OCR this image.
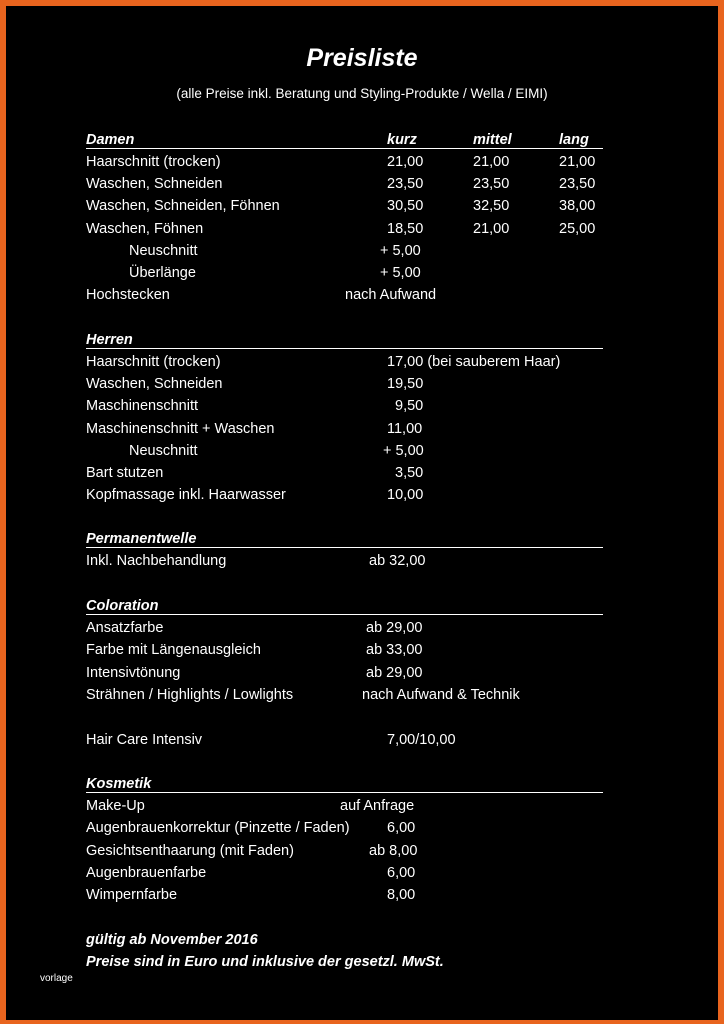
Preisliste
(alle Preise inkl. Beratung und Styling-Produkte / Wella / EIMI)
Damen	kurz	mittel	lang
Haarschnitt (trocken)	21,00	21,00	21,00
Waschen, Schneiden	23,50	23,50	23,50
Waschen, Schneiden, Föhnen	30,50	32,50	38,00
Waschen, Föhnen	18,50	21,00	25,00
Neuschnitt	+ 5,00
Überlänge	+ 5,00
Hochstecken	nach Aufwand
Herren
Haarschnitt (trocken)	17,00 (bei sauberem Haar)
Waschen, Schneiden	19,50
Maschinenschnitt	9,50
Maschinenschnitt + Waschen	11,00
Neuschnitt	+ 5,00
Bart stutzen	3,50
Kopfmassage inkl. Haarwasser	10,00
Permanentwelle
Inkl. Nachbehandlung	ab 32,00
Coloration
Ansatzfarbe	ab 29,00
Farbe mit Längenausgleich	ab 33,00
Intensivtönung	ab 29,00
Strähnen / Highlights / Lowlights	nach Aufwand & Technik
Hair Care Intensiv	7,00/10,00
Kosmetik
Make-Up	auf Anfrage
Augenbrauenkorrektur (Pinzette / Faden)	6,00
Gesichtsenthaarung (mit Faden)	ab 8,00
Augenbrauenfarbe	6,00
Wimpernfarbe	8,00
gültig ab November 2016
Preise sind in Euro und inklusive der gesetzl. MwSt.
vorlage
